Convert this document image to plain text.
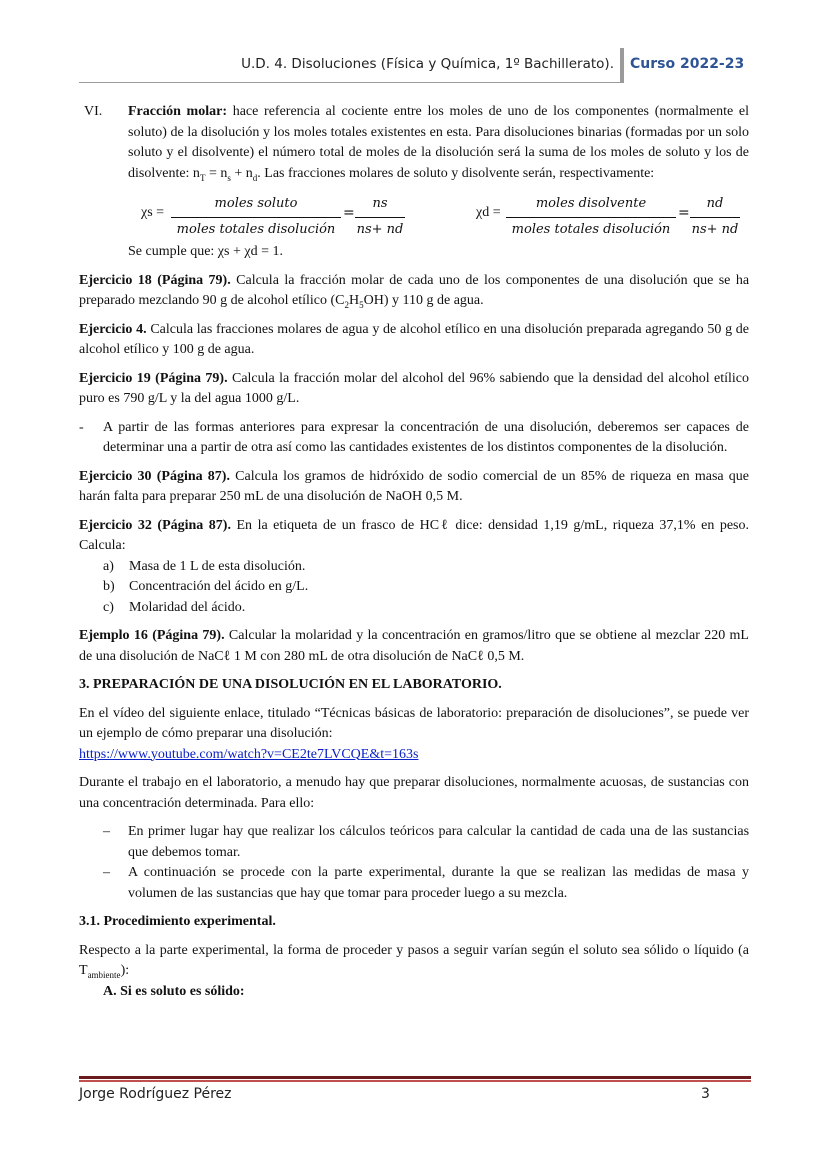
U.D. 4. Disoluciones (Física y Química, 1º Bachillerato). Curso 2022-23
VI. Fracción molar: hace referencia al cociente entre los moles de uno de los componentes (normalmente el soluto) de la disolución y los moles totales existentes en esta. Para disoluciones binarias (formadas por un solo soluto y el disolvente) el número total de moles de la disolución será la suma de los moles de soluto y los de disolvente: $n_T = n_s + n_d$. Las fracciones molares de soluto y disolvente serán, respectivamente:

χs =
moles soluto
moles totales disolución
= $\frac{ns}{ns+ nd}$	χd =
moles disolvente
moles totales disolución
= $\frac{nd}{ns+ nd}$
Se cumple que: χs + χd = 1.

Ejercicio 18 (Página 79). Calcula la fracción molar de cada uno de los componentes de una disolución que se ha preparado mezclando 90 g de alcohol etílico $(C_2H_5OH)$ y 110 g de agua.

Ejercicio 4. Calcula las fracciones molares de agua y de alcohol etílico en una disolución preparada agregando 50 g de alcohol etílico y 100 g de agua.

Ejercicio 19 (Página 79). Calcula la fracción molar del alcohol del 96% sabiendo que la densidad del alcohol etílico puro es 790 g/L y la del agua 1000 g/L.

- A partir de las formas anteriores para expresar la concentración de una disolución, deberemos ser capaces de determinar una a partir de otra así como las cantidades existentes de los distintos componentes de la disolución.

Ejercicio 30 (Página 87). Calcula los gramos de hidróxido de sodio comercial de un 85% de riqueza en masa que harán falta para preparar 250 mL de una disolución de NaOH 0,5 M.

Ejercicio 32 (Página 87). En la etiqueta de un frasco de HCℓ dice: densidad 1,19 g/mL, riqueza 37,1% en peso. Calcula:

a) Masa de 1 L de esta disolución.
b) Concentración del ácido en g/L.
c) Molaridad del ácido.

Ejemplo 16 (Página 79). Calcular la molaridad y la concentración en gramos/litro que se obtiene al mezclar 220 mL de una disolución de NaCℓ 1 M con 280 mL de otra disolución de NaCℓ 0,5 M.

3. PREPARACIÓN DE UNA DISOLUCIÓN EN EL LABORATORIO.

En el vídeo del siguiente enlace, titulado “Técnicas básicas de laboratorio: preparación de disoluciones”, se puede ver un ejemplo de cómo preparar una disolución:

https://www.youtube.com/watch?v=CE2te7LVCQE&t=163s

Durante el trabajo en el laboratorio, a menudo hay que preparar disoluciones, normalmente acuosas, de sustancias con una concentración determinada. Para ello:

– En primer lugar hay que realizar los cálculos teóricos para calcular la cantidad de cada una de las sustancias que debemos tomar.

– A continuación se procede con la parte experimental, durante la que se realizan las medidas de masa y volumen de las sustancias que hay que tomar para proceder luego a su mezcla.

3.1. Procedimiento experimental.

Respecto a la parte experimental, la forma de proceder y pasos a seguir varían según el soluto sea sólido o líquido (a $T_{ambiente}$):

A. Si es soluto es sólido:
Jorge Rodríguez Pérez	3
